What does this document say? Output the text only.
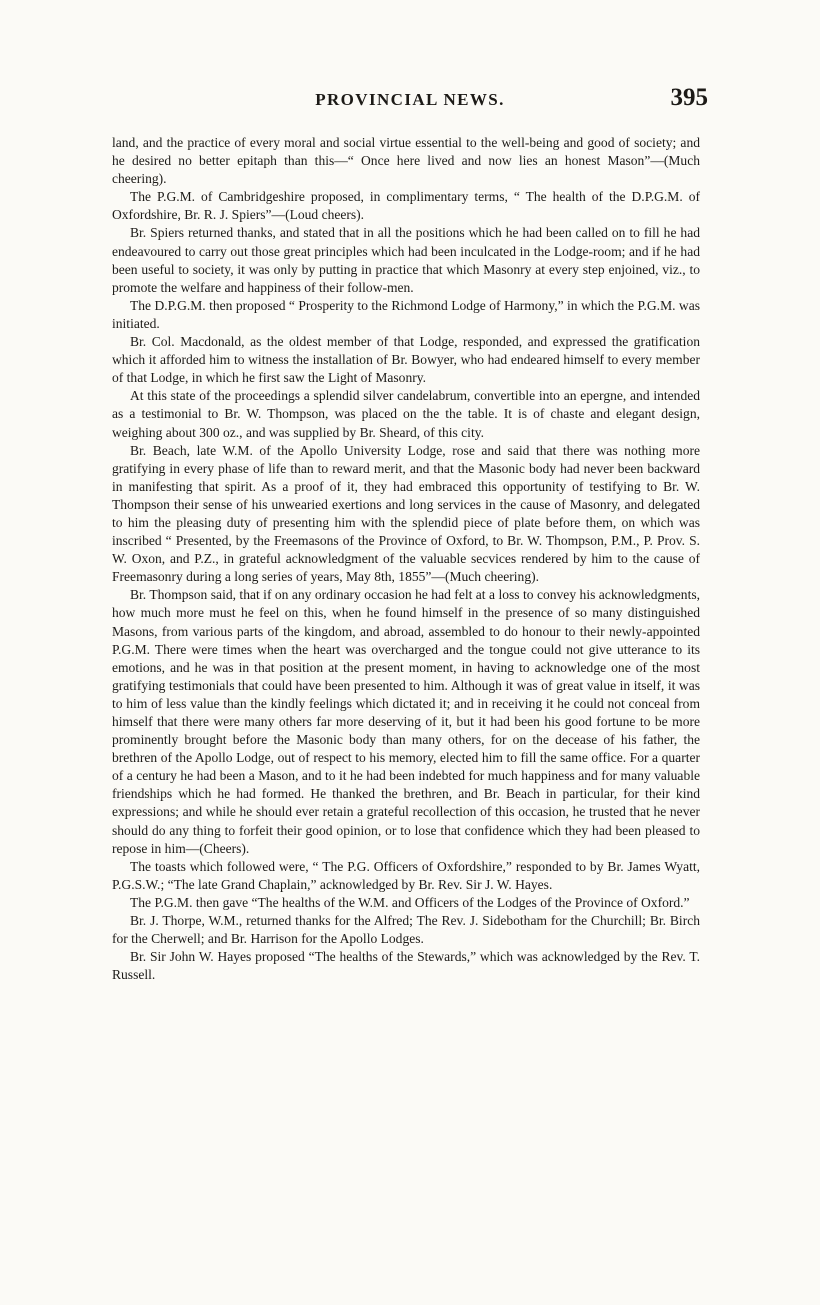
PROVINCIAL NEWS.	395

land, and the practice of every moral and social virtue essential to the well-being and good of society; and he desired no better epitaph than this—“ Once here lived and now lies an honest Mason”—(Much cheering).

The P.G.M. of Cambridgeshire proposed, in complimentary terms, “ The health of the D.P.G.M. of Oxfordshire, Br. R. J. Spiers”—(Loud cheers).

Br. Spiers returned thanks, and stated that in all the positions which he had been called on to fill he had endeavoured to carry out those great principles which had been inculcated in the Lodge-room; and if he had been useful to society, it was only by putting in practice that which Masonry at every step enjoined, viz., to promote the welfare and happiness of their follow-men.

The D.P.G.M. then proposed “ Prosperity to the Richmond Lodge of Harmony,” in which the P.G.M. was initiated.

Br. Col. Macdonald, as the oldest member of that Lodge, responded, and expressed the gratification which it afforded him to witness the installation of Br. Bowyer, who had endeared himself to every member of that Lodge, in which he first saw the Light of Masonry.

At this state of the proceedings a splendid silver candelabrum, convertible into an epergne, and intended as a testimonial to Br. W. Thompson, was placed on the the table. It is of chaste and elegant design, weighing about 300 oz., and was supplied by Br. Sheard, of this city.

Br. Beach, late W.M. of the Apollo University Lodge, rose and said that there was nothing more gratifying in every phase of life than to reward merit, and that the Masonic body had never been backward in manifesting that spirit. As a proof of it, they had embraced this opportunity of testifying to Br. W. Thompson their sense of his unwearied exertions and long services in the cause of Masonry, and delegated to him the pleasing duty of presenting him with the splendid piece of plate before them, on which was inscribed “ Presented, by the Freemasons of the Province of Oxford, to Br. W. Thompson, P.M., P. Prov. S. W. Oxon, and P.Z., in grateful acknowledgment of the valuable secvices rendered by him to the cause of Freemasonry during a long series of years, May 8th, 1855”—(Much cheering).

Br. Thompson said, that if on any ordinary occasion he had felt at a loss to convey his acknowledgments, how much more must he feel on this, when he found himself in the presence of so many distinguished Masons, from various parts of the kingdom, and abroad, assembled to do honour to their newly-appointed P.G.M. There were times when the heart was overcharged and the tongue could not give utterance to its emotions, and he was in that position at the present moment, in having to acknowledge one of the most gratifying testimonials that could have been presented to him. Although it was of great value in itself, it was to him of less value than the kindly feelings which dictated it; and in receiving it he could not conceal from himself that there were many others far more deserving of it, but it had been his good fortune to be more prominently brought before the Masonic body than many others, for on the decease of his father, the brethren of the Apollo Lodge, out of respect to his memory, elected him to fill the same office. For a quarter of a century he had been a Mason, and to it he had been indebted for much happiness and for many valuable friendships which he had formed. He thanked the brethren, and Br. Beach in particular, for their kind expressions; and while he should ever retain a grateful recollection of this occasion, he trusted that he never should do any thing to forfeit their good opinion, or to lose that confidence which they had been pleased to repose in him—(Cheers).

The toasts which followed were, “ The P.G. Officers of Oxfordshire,” responded to by Br. James Wyatt, P.G.S.W.; “The late Grand Chaplain,” acknowledged by Br. Rev. Sir J. W. Hayes.

The P.G.M. then gave “The healths of the W.M. and Officers of the Lodges of the Province of Oxford.”

Br. J. Thorpe, W.M., returned thanks for the Alfred; The Rev. J. Sidebotham for the Churchill; Br. Birch for the Cherwell; and Br. Harrison for the Apollo Lodges.

Br. Sir John W. Hayes proposed “The healths of the Stewards,” which was acknowledged by the Rev. T. Russell.
